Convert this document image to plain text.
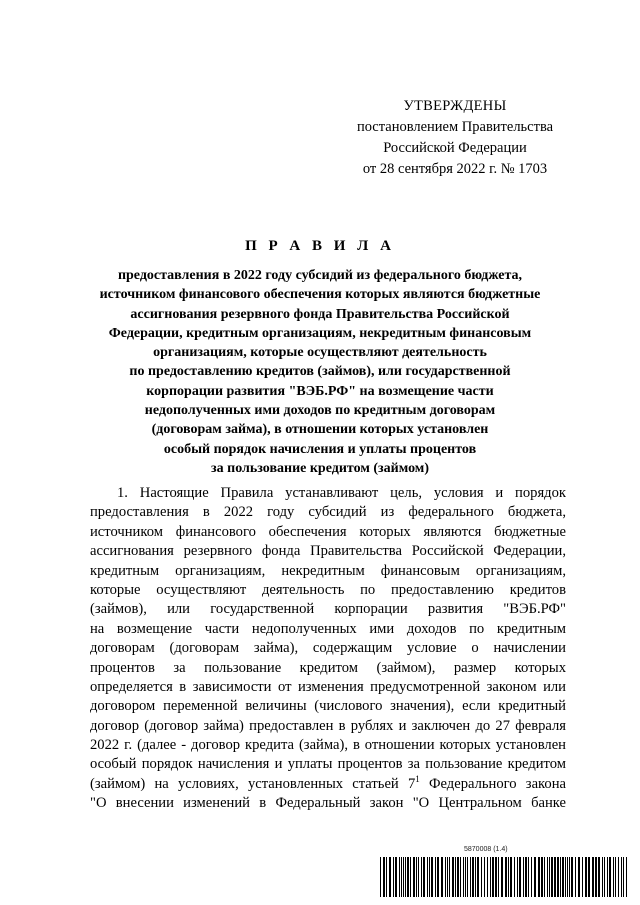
УТВЕРЖДЕНЫ
постановлением Правительства
Российской Федерации
от 28 сентября 2022 г. № 1703
П Р А В И Л А
предоставления в 2022 году субсидий из федерального бюджета,
источником финансового обеспечения которых являются бюджетные
ассигнования резервного фонда Правительства Российской
Федерации, кредитным организациям, некредитным финансовым
организациям, которые осуществляют деятельность
по предоставлению кредитов (займов), или государственной
корпорации развития "ВЭБ.РФ" на возмещение части
недополученных ими доходов по кредитным договорам
(договорам займа), в отношении которых установлен
особый порядок начисления и уплаты процентов
за пользование кредитом (займом)
1. Настоящие Правила устанавливают цель, условия и порядок
предоставления в 2022 году субсидий из федерального бюджета,
источником финансового обеспечения которых являются бюджетные
ассигнования резервного фонда Правительства Российской Федерации,
кредитным организациям, некредитным финансовым организациям,
которые осуществляют деятельность по предоставлению кредитов
(займов), или государственной корпорации развития "ВЭБ.РФ"
на возмещение части недополученных ими доходов по кредитным
договорам (договорам займа), содержащим условие о начислении
процентов за пользование кредитом (займом), размер которых
определяется в зависимости от изменения предусмотренной законом или
договором переменной величины (числового значения), если кредитный
договор (договор займа) предоставлен в рублях и заключен до 27 февраля
2022 г. (далее - договор кредита (займа), в отношении которых установлен
особый порядок начисления и уплаты процентов за пользование кредитом
(займом) на условиях, установленных статьей $7^1$ Федерального закона
"О внесении изменений в Федеральный закон "О Центральном банке
5870008 (1.4)
